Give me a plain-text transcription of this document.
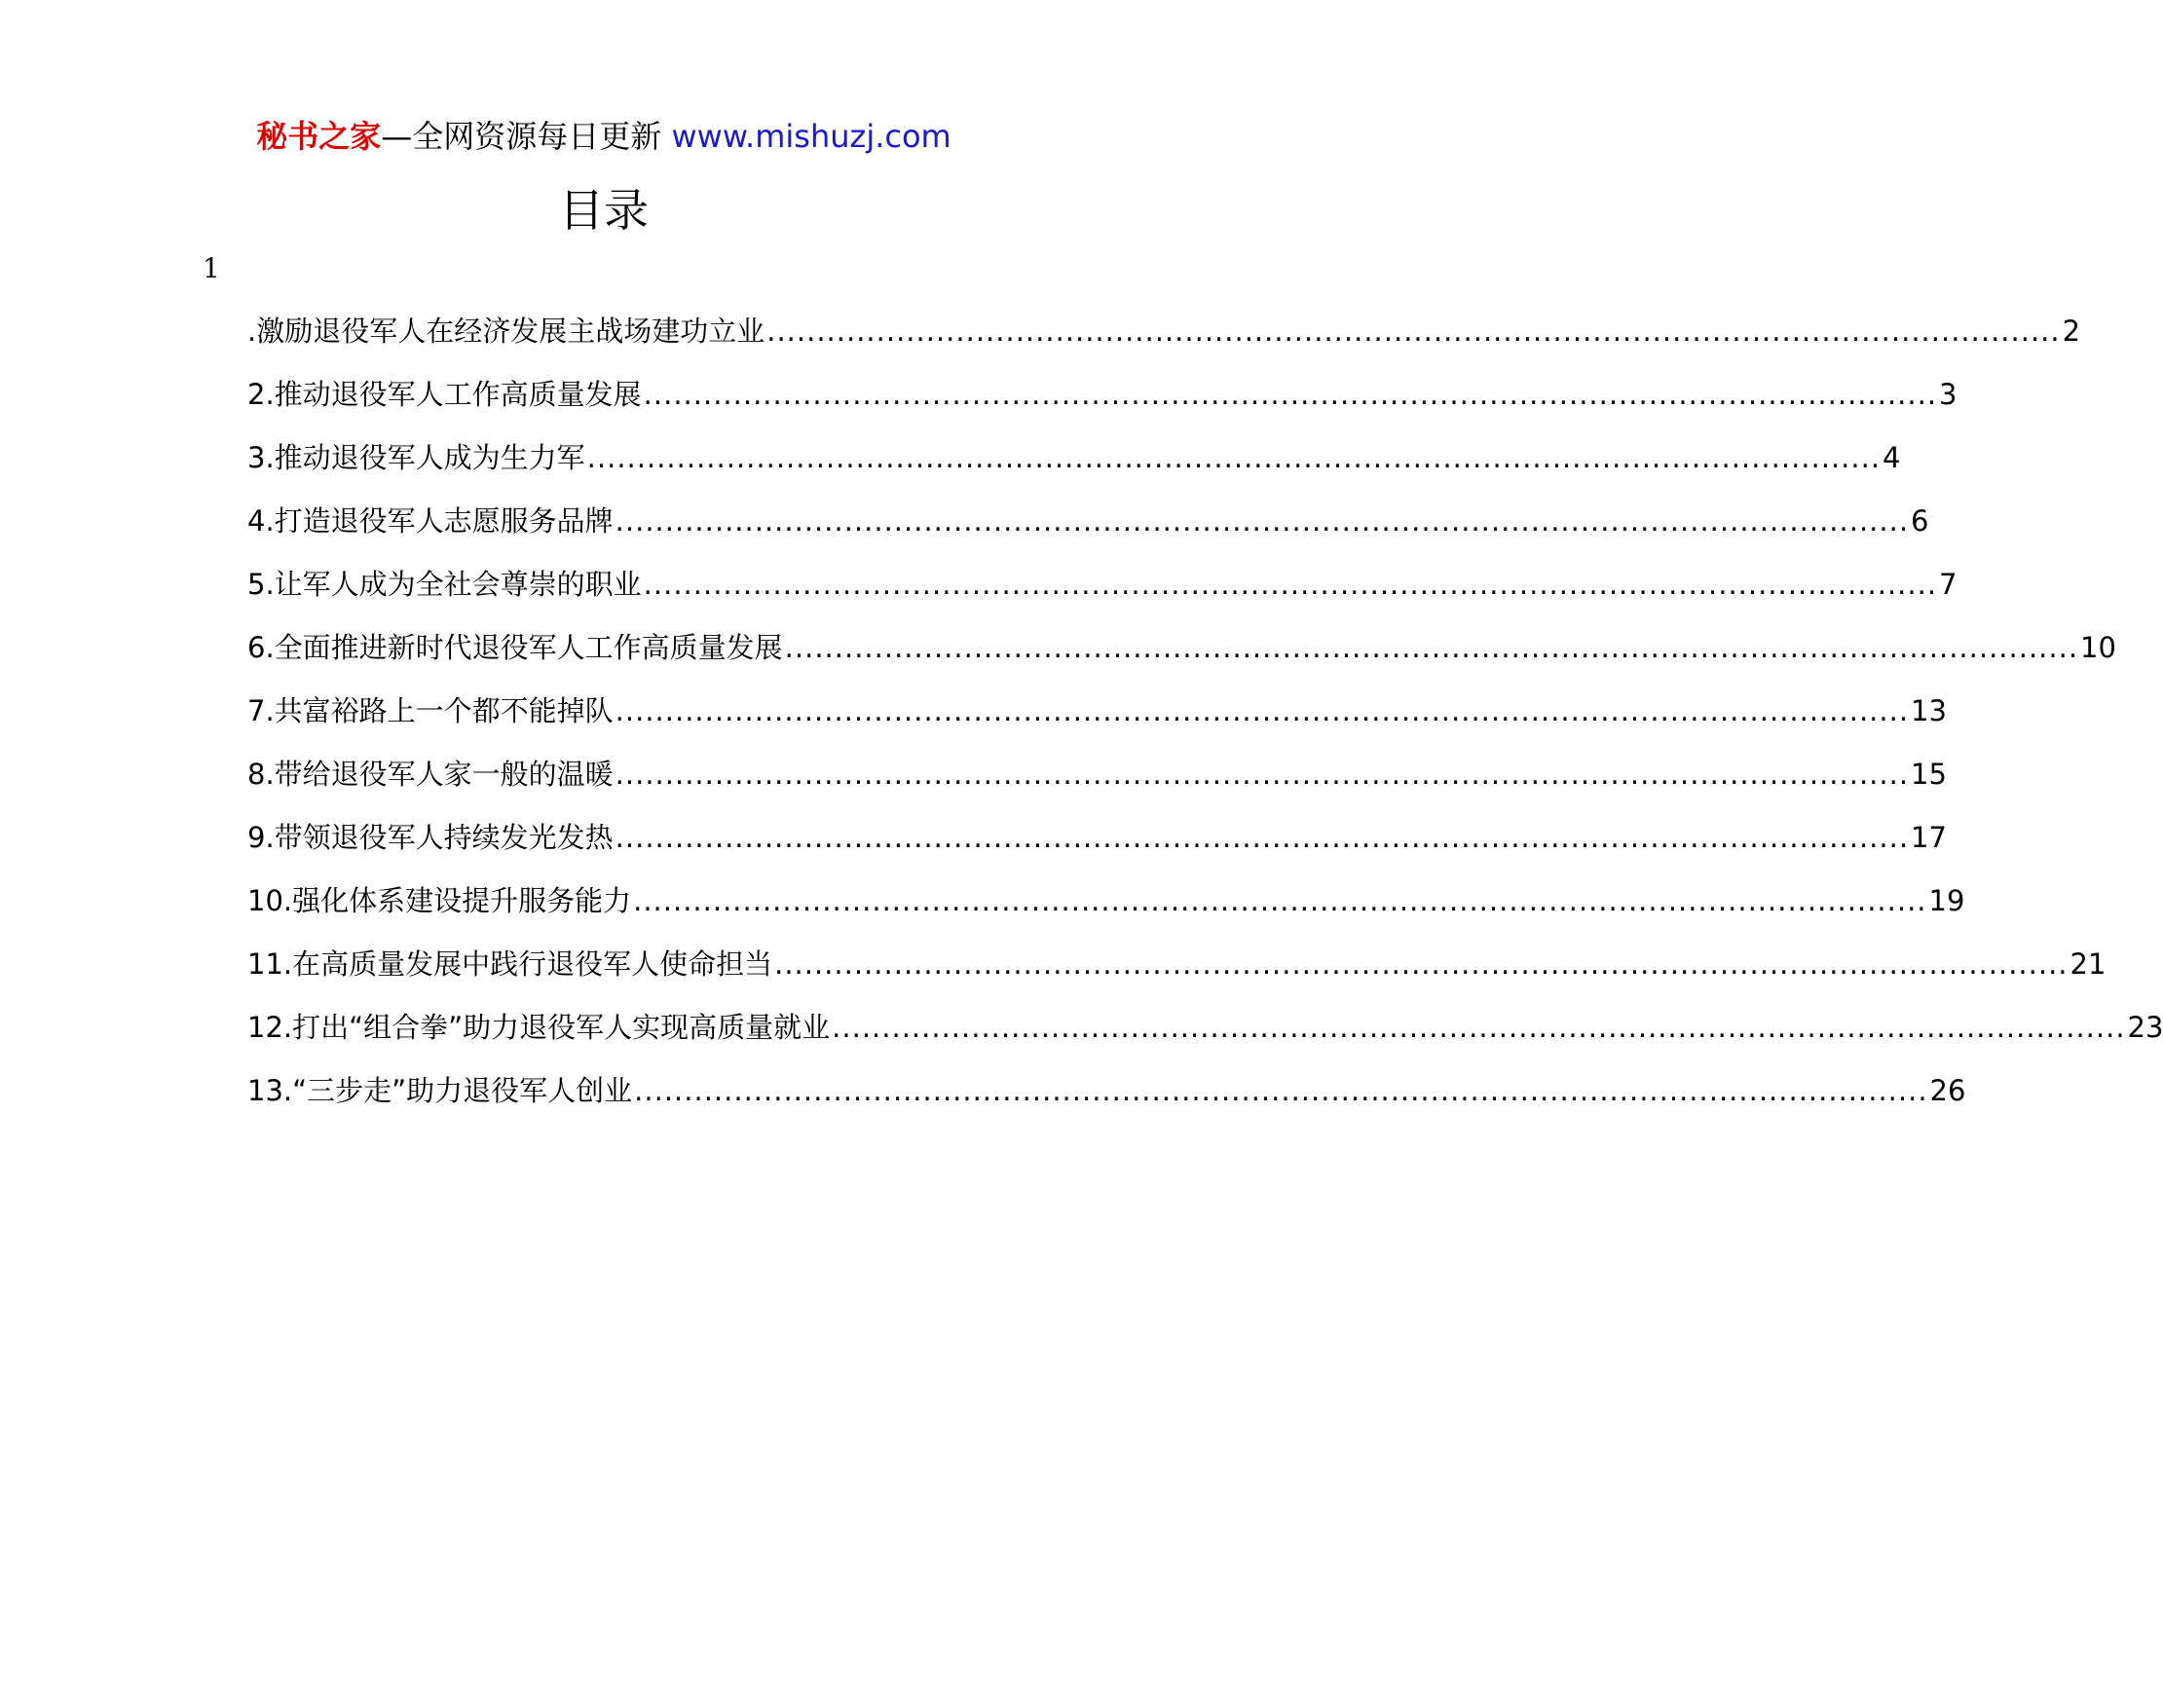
秘书之家—全网资源每日更新 www.mishuzj.com
目录
1
.激励退役军人在经济发展主战场建功立业 .................................................................................................................................. 2
2.推动退役军人工作高质量发展 .................................................................................................................................. 3
3.推动退役军人成为生力军 .................................................................................................................................. 4
4.打造退役军人志愿服务品牌 .................................................................................................................................. 6
5.让军人成为全社会尊崇的职业 .................................................................................................................................. 7
6.全面推进新时代退役军人工作高质量发展 .................................................................................................................................. 10
7.共富裕路上一个都不能掉队 .................................................................................................................................. 13
8.带给退役军人家一般的温暖 .................................................................................................................................. 15
9.带领退役军人持续发光发热 .................................................................................................................................. 17
10.强化体系建设提升服务能力 .................................................................................................................................. 19
11.在高质量发展中践行退役军人使命担当 .................................................................................................................................. 21
12.打出“组合拳”助力退役军人实现高质量就业 .................................................................................................................................. 23
13.“三步走”助力退役军人创业 .................................................................................................................................. 26
